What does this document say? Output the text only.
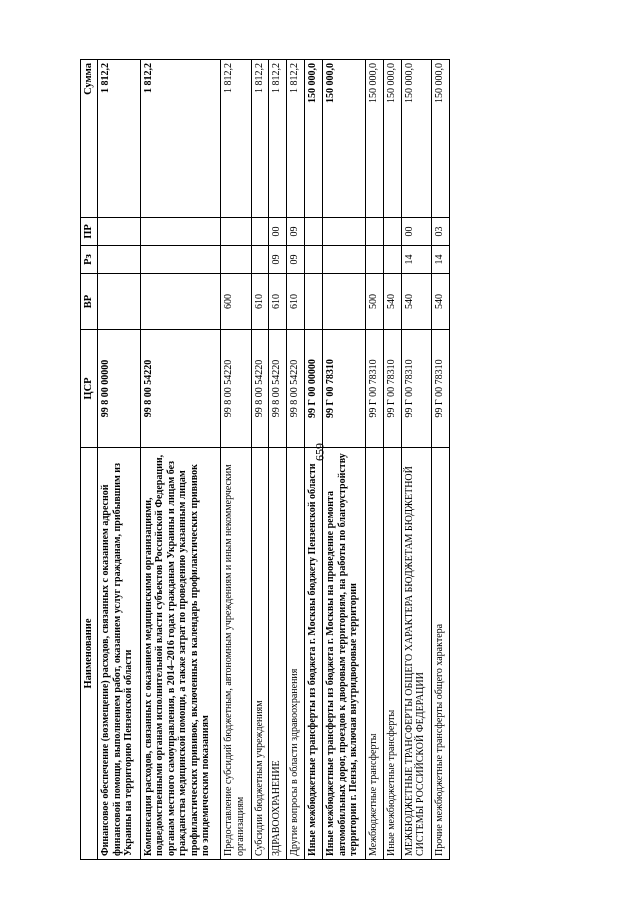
659
Наименование	ЦСР	ВР	Рз	ПР	Сумма
Финансовое обеспечение (возмещение) расходов, связанных с оказанием адресной финансовой помощи, выполнением работ, оказанием услуг гражданам, прибывшим из Украины на территорию Пензенской области	99 8 00 00000				1 812,2
Компенсация расходов, связанных с оказанием медицинскими организациями, подведомственными органам исполнительной власти субъектов Российской Федерации, органам местного самоуправления, в 2014–2016 годах гражданам Украины и лицам без гражданства медицинской помощи, а также затрат по проведению указанным лицам профилактических прививок, включенных в календарь профилактических прививок по эпидемическим показаниям	99 8 00 54220				1 812,2
Предоставление субсидий бюджетным, автономным учреждениям и иным некоммерческим организациям	99 8 00 54220	600			1 812,2
Субсидии бюджетным учреждениям	99 8 00 54220	610			1 812,2
ЗДРАВООХРАНЕНИЕ	99 8 00 54220	610	09	00	1 812,2
Другие вопросы в области здравоохранения	99 8 00 54220	610	09	09	1 812,2
Иные межбюджетные трансферты из бюджета г. Москвы бюджету Пензенской области	99 Г 00 00000				150 000,0
Иные межбюджетные трансферты из бюджета г. Москвы на проведение ремонта автомобильных дорог, проездов к дворовым территориям, на работы по благоустройству территории г. Пензы, включая внутридворовые территории	99 Г 00 78310				150 000,0
Межбюджетные трансферты	99 Г 00 78310	500			150 000,0
Иные межбюджетные трансферты	99 Г 00 78310	540			150 000,0
МЕЖБЮДЖЕТНЫЕ ТРАНСФЕРТЫ ОБЩЕГО ХАРАКТЕРА БЮДЖЕТАМ БЮДЖЕТНОЙ СИСТЕМЫ РОССИЙСКОЙ ФЕДЕРАЦИИ	99 Г 00 78310	540	14	00	150 000,0
Прочие межбюджетные трансферты общего характера	99 Г 00 78310	540	14	03	150 000,0
